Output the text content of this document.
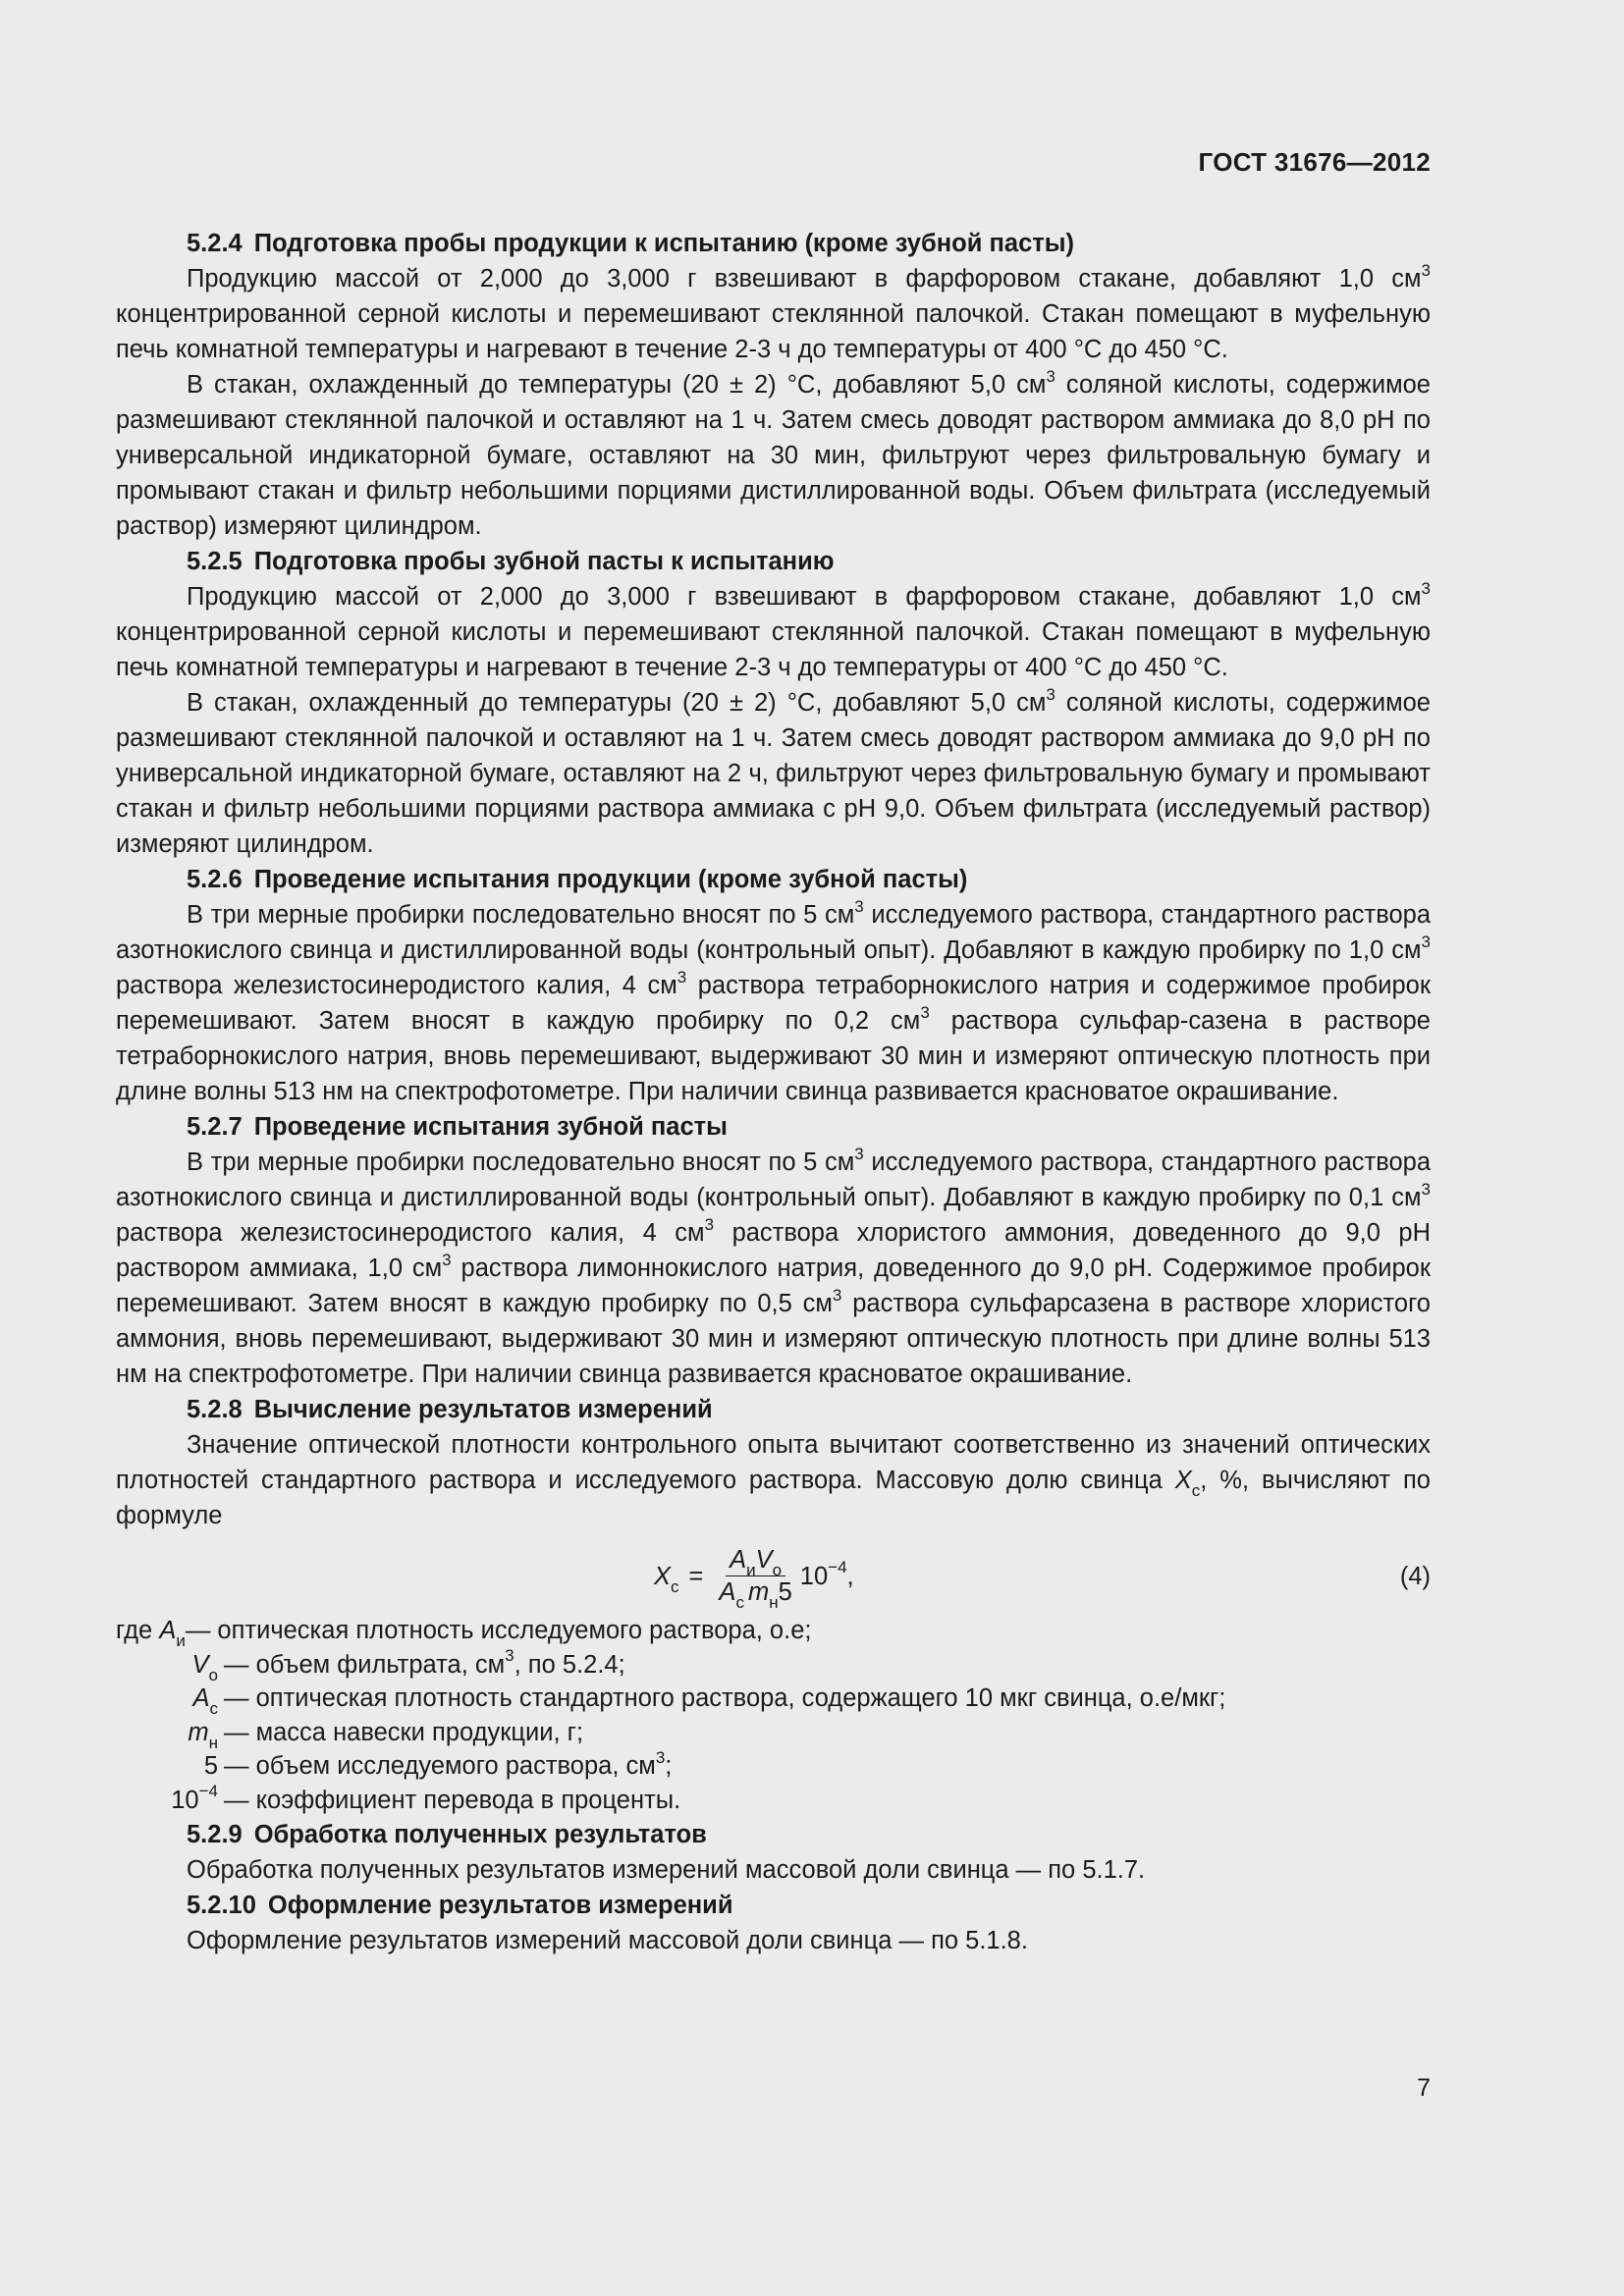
ГОСТ 31676—2012
5.2.4 Подготовка пробы продукции к испытанию (кроме зубной пасты)

Продукцию массой от 2,000 до 3,000 г взвешивают в фарфоровом стакане, добавляют 1,0 $см^3$ концентрированной серной кислоты и перемешивают стеклянной палочкой. Стакан помещают в муфельную печь комнатной температуры и нагревают в течение 2-3 ч до температуры от 400 °С до 450 °С.

В стакан, охлажденный до температуры (20 ± 2) °С, добавляют 5,0 $см^3$ соляной кислоты, содержимое размешивают стеклянной палочкой и оставляют на 1 ч. Затем смесь доводят раствором аммиака до 8,0 рН по универсальной индикаторной бумаге, оставляют на 30 мин, фильтруют через фильтровальную бумагу и промывают стакан и фильтр небольшими порциями дистиллированной воды. Объем фильтрата (исследуемый раствор) измеряют цилиндром.

5.2.5 Подготовка пробы зубной пасты к испытанию

Продукцию массой от 2,000 до 3,000 г взвешивают в фарфоровом стакане, добавляют 1,0 $см^3$ концентрированной серной кислоты и перемешивают стеклянной палочкой. Стакан помещают в муфельную печь комнатной температуры и нагревают в течение 2-3 ч до температуры от 400 °С до 450 °С.

В стакан, охлажденный до температуры (20 ± 2) °С, добавляют 5,0 $см^3$ соляной кислоты, содержимое размешивают стеклянной палочкой и оставляют на 1 ч. Затем смесь доводят раствором аммиака до 9,0 рН по универсальной индикаторной бумаге, оставляют на 2 ч, фильтруют через фильтровальную бумагу и промывают стакан и фильтр небольшими порциями раствора аммиака с рН 9,0. Объем фильтрата (исследуемый раствор) измеряют цилиндром.

5.2.6 Проведение испытания продукции (кроме зубной пасты)

В три мерные пробирки последовательно вносят по 5 $см^3$ исследуемого раствора, стандартного раствора азотнокислого свинца и дистиллированной воды (контрольный опыт). Добавляют в каждую пробирку по 1,0 $см^3$ раствора железистосинеродистого калия, 4 $см^3$ раствора тетраборнокислого натрия и содержимое пробирок перемешивают. Затем вносят в каждую пробирку по 0,2 $см^3$ раствора сульфар-сазена в растворе тетраборнокислого натрия, вновь перемешивают, выдерживают 30 мин и измеряют оптическую плотность при длине волны 513 нм на спектрофотометре. При наличии свинца развивается красноватое окрашивание.

5.2.7 Проведение испытания зубной пасты

В три мерные пробирки последовательно вносят по 5 $см^3$ исследуемого раствора, стандартного раствора азотнокислого свинца и дистиллированной воды (контрольный опыт). Добавляют в каждую пробирку по 0,1 $см^3$ раствора железистосинеродистого калия, 4 $см^3$ раствора хлористого аммония, доведенного до 9,0 рН раствором аммиака, 1,0 $см^3$ раствора лимоннокислого натрия, доведенного до 9,0 рН. Содержимое пробирок перемешивают. Затем вносят в каждую пробирку по 0,5 $см^3$ раствора сульфарсазена в растворе хлористого аммония, вновь перемешивают, выдерживают 30 мин и измеряют оптическую плотность при длине волны 513 нм на спектрофотометре. При наличии свинца развивается красноватое окрашивание.

5.2.8 Вычисление результатов измерений

Значение оптической плотности контрольного опыта вычитают соответственно из значений оптических плотностей стандартного раствора и исследуемого раствора. Массовую долю свинца $X_c$, %, вычисляют по формуле

$X_c = \frac{A_иV_о}{A_с m_н5} 10^{-4}$,	(4)
где $A_и$ — оптическая плотность исследуемого раствора, о.е;
$V_о$ — объем фильтрата, $см^3$, по 5.2.4;
$A_с$ — оптическая плотность стандартного раствора, содержащего 10 мкг свинца, о.е/мкг;
$m_н$ — масса навески продукции, г;
5 — объем исследуемого раствора, $см^3$;
$10^{-4}$ — коэффициент перевода в проценты.
5.2.9 Обработка полученных результатов

Обработка полученных результатов измерений массовой доли свинца — по 5.1.7.

5.2.10 Оформление результатов измерений

Оформление результатов измерений массовой доли свинца — по 5.1.8.

7
